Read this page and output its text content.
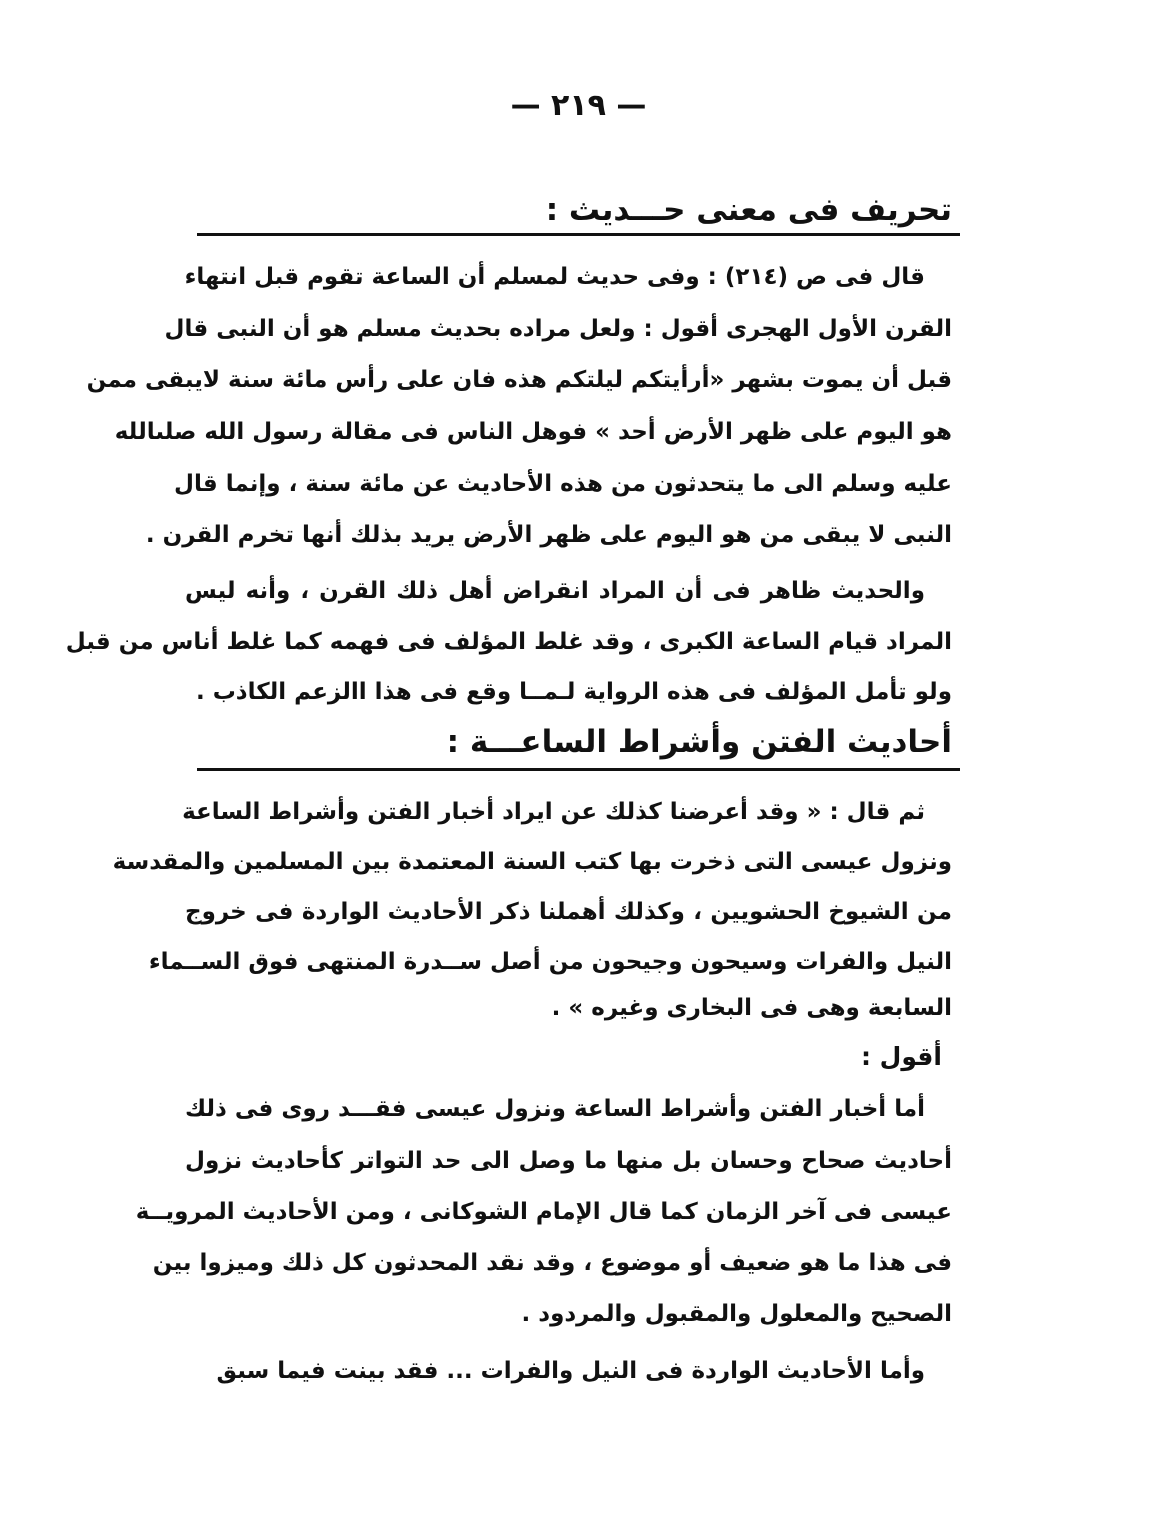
— ٢١٩ —
تحريف فى معنى حـــديث :
قال فى ص (٢١٤) : وفى حديث لمسلم أن الساعة تقوم قبل انتهاء
القرن الأول الهجرى أقول : ولعل مراده بحديث مسلم هو أن النبى قال
قبل أن يموت بشهر «أرأيتكم ليلتكم هذه فان على رأس مائة سنة لايبقى ممن
هو اليوم على ظهر الأرض أحد » فوهل الناس فى مقالة رسول الله صلىالله
عليه وسلم الى ما يتحدثون من هذه الأحاديث عن مائة سنة ، وإنما قال
النبى لا يبقى من هو اليوم على ظهر الأرض يريد بذلك أنها تخرم القرن .
والحديث ظاهر فى أن المراد انقراض أهل ذلك القرن ، وأنه ليس
المراد قيام الساعة الكبرى ، وقد غلط المؤلف فى فهمه كما غلط أناس من قبل
ولو تأمل المؤلف فى هذه الرواية لـمــا وقع فى هذا االزعم الكاذب .
أحاديث الفتن وأشراط الساعـــة :
ثم قال : « وقد أعرضنا كذلك عن ايراد أخبار الفتن وأشراط الساعة
ونزول عيسى التى ذخرت بها كتب السنة المعتمدة بين المسلمين والمقدسة
من الشيوخ الحشويين ، وكذلك أهملنا ذكر الأحاديث الواردة فى خروج
النيل والفرات وسيحون وجيحون من أصل ســدرة المنتهى فوق الســماء
السابعة وهى فى البخارى وغيره » .
أقول :
أما أخبار الفتن وأشراط الساعة ونزول عيسى فقـــد روى فى ذلك
أحاديث صحاح وحسان بل منها ما وصل الى حد التواتر كأحاديث نزول
عيسى فى آخر الزمان كما قال الإمام الشوكانى ، ومن الأحاديث المرويــة
فى هذا ما هو ضعيف أو موضوع ، وقد نقد المحدثون كل ذلك وميزوا بين
الصحيح والمعلول والمقبول والمردود .
وأما الأحاديث الواردة فى النيل والفرات ... فقد بينت فيما سبق
